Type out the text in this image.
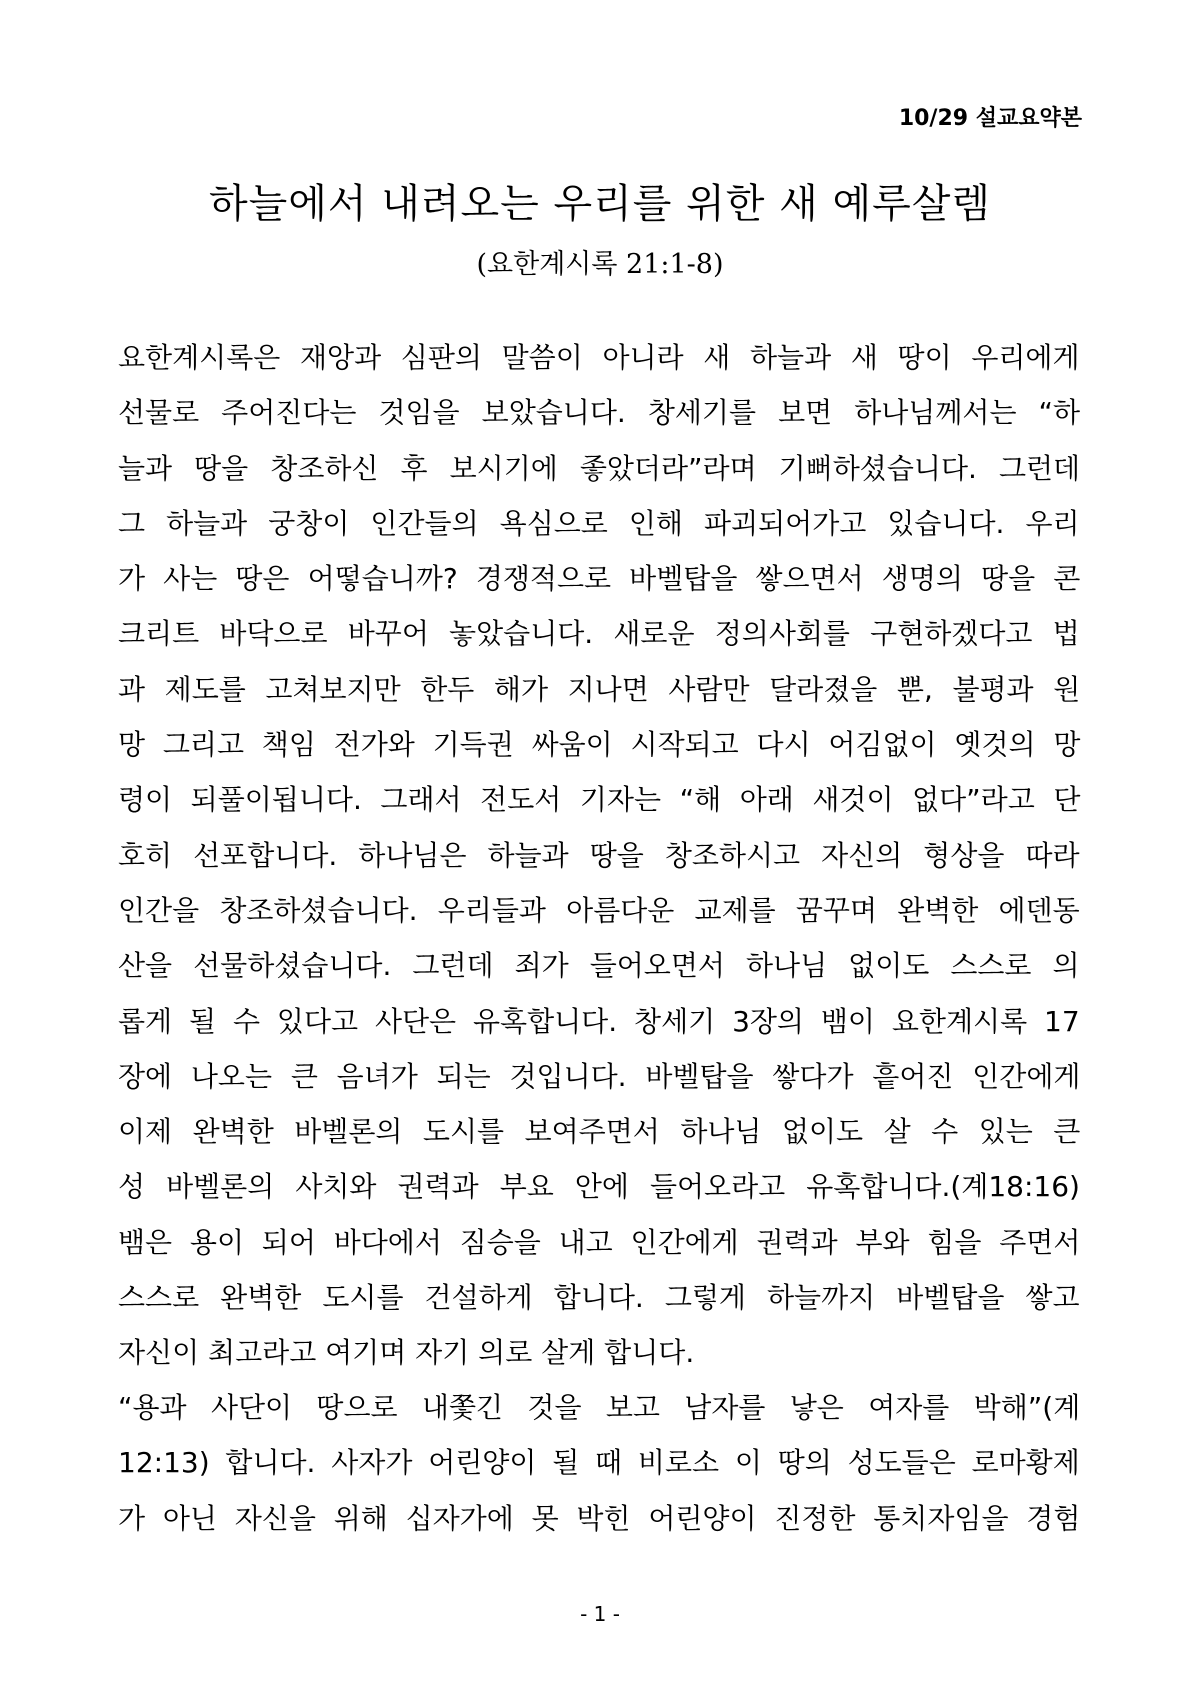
10/29 설교요약본
하늘에서 내려오는 우리를 위한 새 예루살렘
(요한계시록 21:1-8)
요한계시록은 재앙과 심판의 말씀이 아니라 새 하늘과 새 땅이 우리에게
선물로 주어진다는 것임을 보았습니다. 창세기를 보면 하나님께서는 “하
늘과 땅을 창조하신 후 보시기에 좋았더라”라며 기뻐하셨습니다. 그런데
그 하늘과 궁창이 인간들의 욕심으로 인해 파괴되어가고 있습니다. 우리
가 사는 땅은 어떻습니까? 경쟁적으로 바벨탑을 쌓으면서 생명의 땅을 콘
크리트 바닥으로 바꾸어 놓았습니다. 새로운 정의사회를 구현하겠다고 법
과 제도를 고쳐보지만 한두 해가 지나면 사람만 달라졌을 뿐, 불평과 원
망 그리고 책임 전가와 기득권 싸움이 시작되고 다시 어김없이 옛것의 망
령이 되풀이됩니다. 그래서 전도서 기자는 “해 아래 새것이 없다”라고 단
호히 선포합니다. 하나님은 하늘과 땅을 창조하시고 자신의 형상을 따라
인간을 창조하셨습니다. 우리들과 아름다운 교제를 꿈꾸며 완벽한 에덴동
산을 선물하셨습니다. 그런데 죄가 들어오면서 하나님 없이도 스스로 의
롭게 될 수 있다고 사단은 유혹합니다. 창세기 3장의 뱀이 요한계시록 17
장에 나오는 큰 음녀가 되는 것입니다. 바벨탑을 쌓다가 흩어진 인간에게
이제 완벽한 바벨론의 도시를 보여주면서 하나님 없이도 살 수 있는 큰
성 바벨론의 사치와 권력과 부요 안에 들어오라고 유혹합니다.(계18:16)
뱀은 용이 되어 바다에서 짐승을 내고 인간에게 권력과 부와 힘을 주면서
스스로 완벽한 도시를 건설하게 합니다. 그렇게 하늘까지 바벨탑을 쌓고
자신이 최고라고 여기며 자기 의로 살게 합니다.
“용과 사단이 땅으로 내쫓긴 것을 보고 남자를 낳은 여자를 박해”(계
12:13) 합니다. 사자가 어린양이 될 때 비로소 이 땅의 성도들은 로마황제
가 아닌 자신을 위해 십자가에 못 박힌 어린양이 진정한 통치자임을 경험
- 1 -
